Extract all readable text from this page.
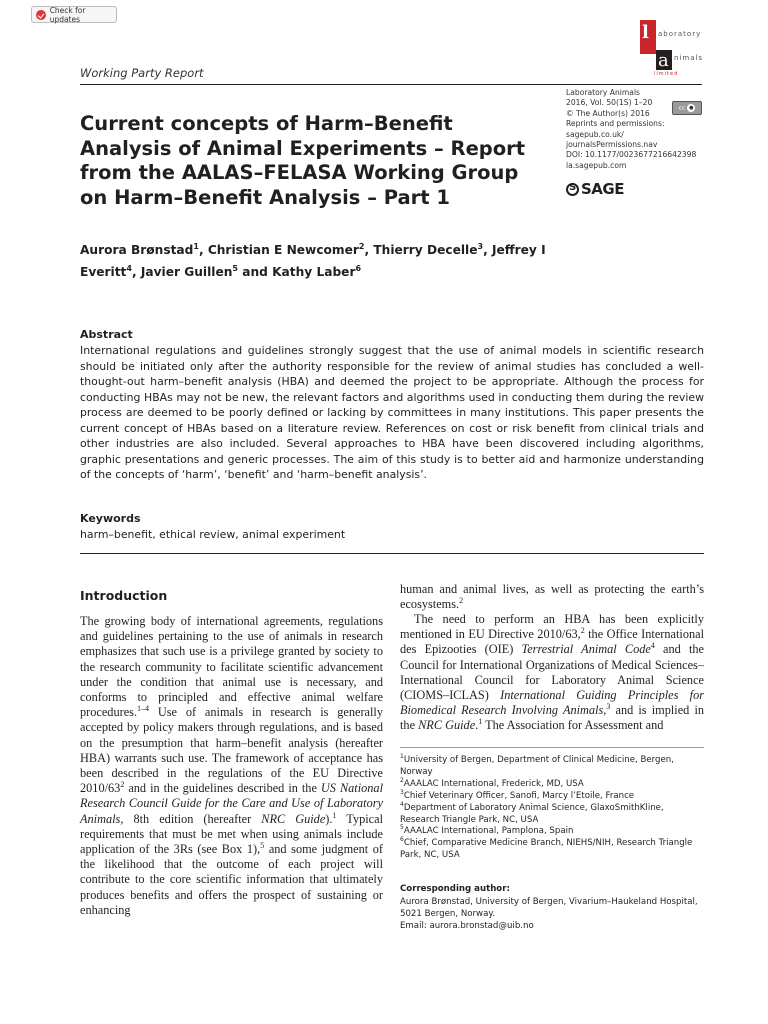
Check for updates
l aboratory
a nimals
limited
Working Party Report
Laboratory Animals
2016, Vol. 50(1S) 1–20
© The Author(s) 2016
Reprints and permissions:
sagepub.co.uk/
journalsPermissions.nav
DOI: 10.1177/0023677216642398
la.sagepub.com
cc ●
S
SAGE
Current concepts of Harm–Benefit Analysis of Animal Experiments – Report from the AALAS–FELASA Working Group on Harm–Benefit Analysis – Part 1
Aurora Brønstad$^1$, Christian E Newcomer$^2$, Thierry Decelle$^3$, Jeffrey I Everitt$^4$, Javier Guillen$^5$ and Kathy Laber$^6$
Abstract
International regulations and guidelines strongly suggest that the use of animal models in scientific research should be initiated only after the authority responsible for the review of animal studies has concluded a well-thought-out harm–benefit analysis (HBA) and deemed the project to be appropriate. Although the process for conducting HBAs may not be new, the relevant factors and algorithms used in conducting them during the review process are deemed to be poorly defined or lacking by committees in many institutions. This paper presents the current concept of HBAs based on a literature review. References on cost or risk benefit from clinical trials and other industries are also included. Several approaches to HBA have been discovered including algorithms, graphic presentations and generic processes. The aim of this study is to better aid and harmonize understanding of the concepts of ‘harm’, ‘benefit’ and ‘harm–benefit analysis’.
Keywords
harm–benefit, ethical review, animal experiment
Introduction

The growing body of international agreements, regulations and guidelines pertaining to the use of animals in research emphasizes that such use is a privilege granted by society to the research community to facilitate scientific advancement under the condition that animal use is necessary, and conforms to principled and effective animal welfare procedures.$^{1-4}$ Use of animals in research is generally accepted by policy makers through regulations, and is based on the presumption that harm–benefit analysis (hereafter HBA) warrants such use. The framework of acceptance has been described in the regulations of the EU Directive $2010/63^2$ and in the guidelines described in the US National Research Council Guide for the Care and Use of Laboratory Animals, 8th edition (hereafter NRC Guide).$^1$ Typical requirements that must be met when using animals include application of the 3Rs (see Box 1),$^5$ and some judgment of the likelihood that the outcome of each project will contribute to the core scientific information that ultimately produces benefits and offers the prospect of sustaining or enhancing

human and animal lives, as well as protecting the earth’s ecosystems.$^2$

The need to perform an HBA has been explicitly mentioned in EU Directive 2010/63,$^2$ the Office International des Epizooties (OIE) Terrestrial Animal Code$^4$ and the Council for International Organizations of Medical Sciences–International Council for Laboratory Animal Science (CIOMS–ICLAS) International Guiding Principles for Biomedical Research Involving Animals,$^3$ and is implied in the NRC Guide.$^1$ The Association for Assessment and

$^1$University of Bergen, Department of Clinical Medicine, Bergen, Norway
$^2$AAALAC International, Frederick, MD, USA
$^3$Chief Veterinary Officer, Sanofi, Marcy l’Etoile, France
$^4$Department of Laboratory Animal Science, GlaxoSmithKline, Research Triangle Park, NC, USA
$^5$AAALAC International, Pamplona, Spain
$^6$Chief, Comparative Medicine Branch, NIEHS/NIH, Research Triangle Park, NC, USA
Corresponding author:
Aurora Brønstad, University of Bergen, Vivarium–Haukeland Hospital, 5021 Bergen, Norway.
Email: aurora.bronstad@uib.no
